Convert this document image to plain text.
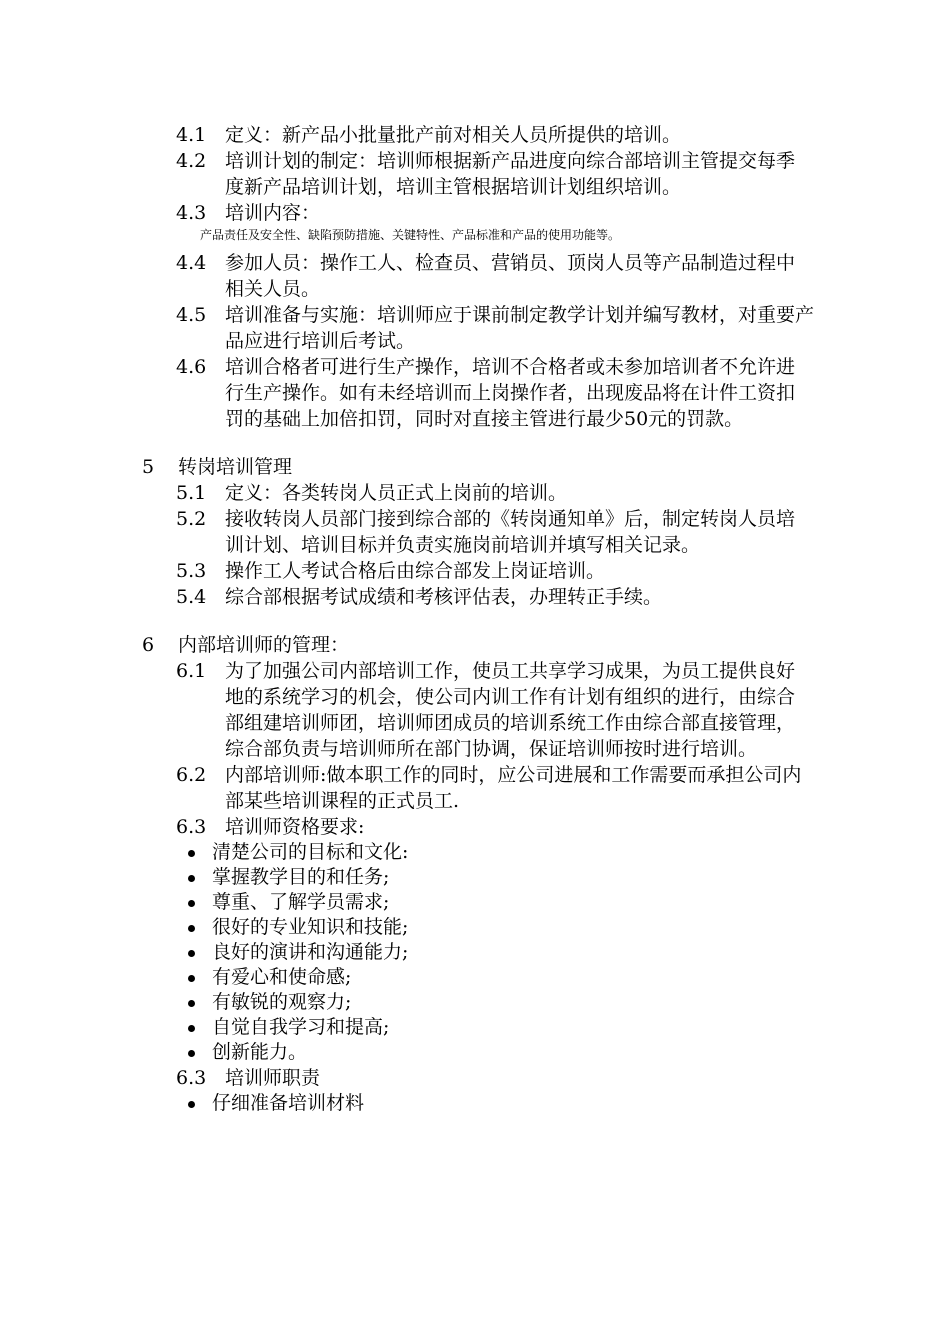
4.1 定义：新产品小批量批产前对相关人员所提供的培训。
4.2 培训计划的制定：培训师根据新产品进度向综合部培训主管提交每季度新产品培训计划，培训主管根据培训计划组织培训。
4.3 培训内容：

产品责任及安全性、缺陷预防措施、关键特性、产品标准和产品的使用功能等。

4.4 参加人员：操作工人、检查员、营销员、顶岗人员等产品制造过程中相关人员。
4.5 培训准备与实施：培训师应于课前制定教学计划并编写教材，对重要产品应进行培训后考试。
4.6 培训合格者可进行生产操作，培训不合格者或未参加培训者不允许进行生产操作。如有未经培训而上岗操作者，出现废品将在计件工资扣罚的基础上加倍扣罚，同时对直接主管进行最少50元的罚款。
5 转岗培训管理
5.1 定义：各类转岗人员正式上岗前的培训。
5.2 接收转岗人员部门接到综合部的《转岗通知单》后，制定转岗人员培训计划、培训目标并负责实施岗前培训并填写相关记录。
5.3 操作工人考试合格后由综合部发上岗证培训。
5.4 综合部根据考试成绩和考核评估表，办理转正手续。
6 内部培训师的管理：
6.1 为了加强公司内部培训工作，使员工共享学习成果，为员工提供良好地的系统学习的机会，使公司内训工作有计划有组织的进行，由综合部组建培训师团，培训师团成员的培训系统工作由综合部直接管理，综合部负责与培训师所在部门协调，保证培训师按时进行培训。
6.2 内部培训师:做本职工作的同时，应公司进展和工作需要而承担公司内部某些培训课程的正式员工.
6.3 培训师资格要求:
清楚公司的目标和文化:
掌握教学目的和任务;
尊重、了解学员需求;
很好的专业知识和技能;
良好的演讲和沟通能力;
有爱心和使命感;
有敏锐的观察力;
自觉自我学习和提高;
创新能力。
6.3 培训师职责
仔细准备培训材料
